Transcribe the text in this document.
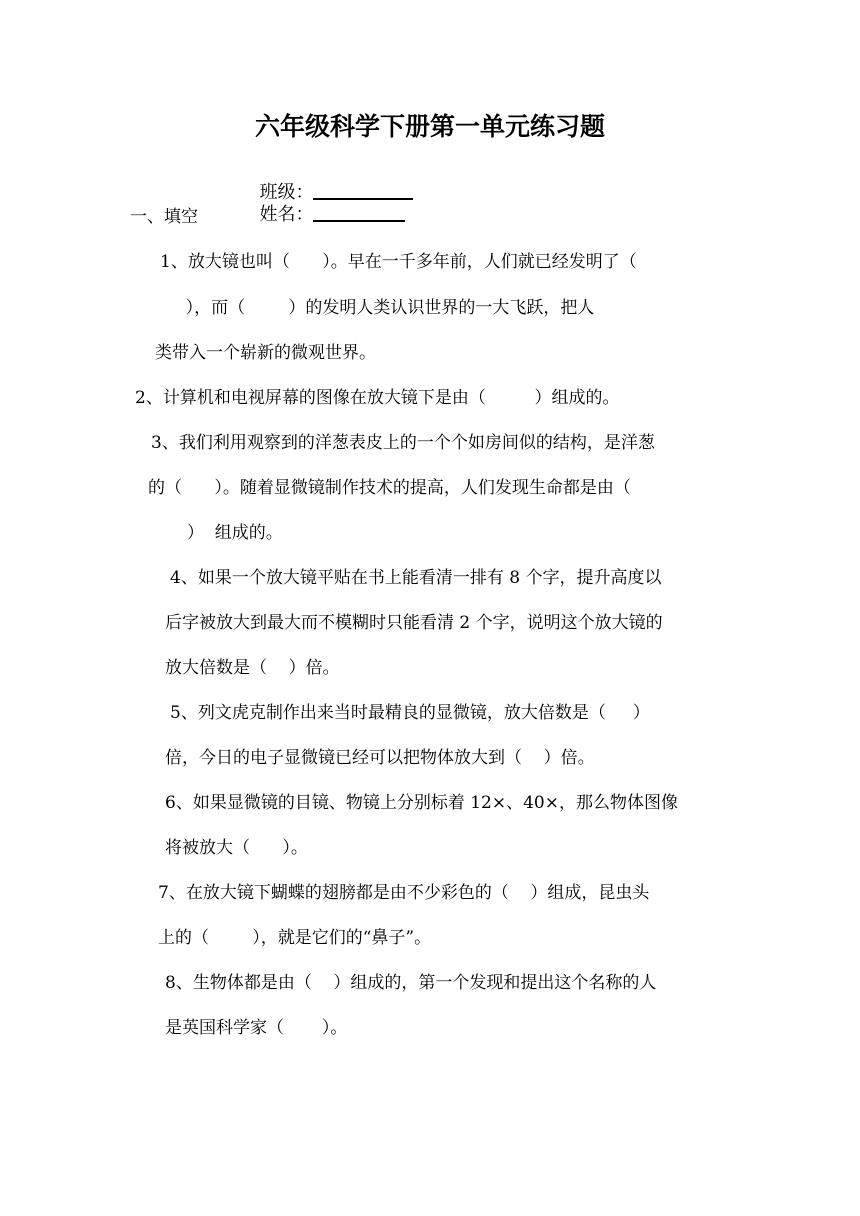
六年级科学下册第一单元练习题

班级：
姓名：

一、填空
1、放大镜也叫（      ）。早在一千多年前，人们就已经发明了（
），而（        ）的发明人类认识世界的一大飞跃，把人
类带入一个崭新的微观世界。
2、计算机和电视屏幕的图像在放大镜下是由（         ）组成的。
3、我们利用观察到的洋葱表皮上的一个个如房间似的结构，是洋葱
的（      ）。随着显微镜制作技术的提高，人们发现生命都是由（
）  组成的。
4、如果一个放大镜平贴在书上能看清一排有 8 个字，提升高度以
后字被放大到最大而不模糊时只能看清 2 个字，说明这个放大镜的
放大倍数是（    ）倍。
5、列文虎克制作出来当时最精良的显微镜，放大倍数是（     ）
倍，今日的电子显微镜已经可以把物体放大到（    ）倍。
6、如果显微镜的目镜、物镜上分别标着 12×、40×，那么物体图像
将被放大（      ）。
7、在放大镜下蝴蝶的翅膀都是由不少彩色的（    ）组成，昆虫头
上的（        ），就是它们的“鼻子”。
8、生物体都是由（    ）组成的，第一个发现和提出这个名称的人
是英国科学家（       ）。
